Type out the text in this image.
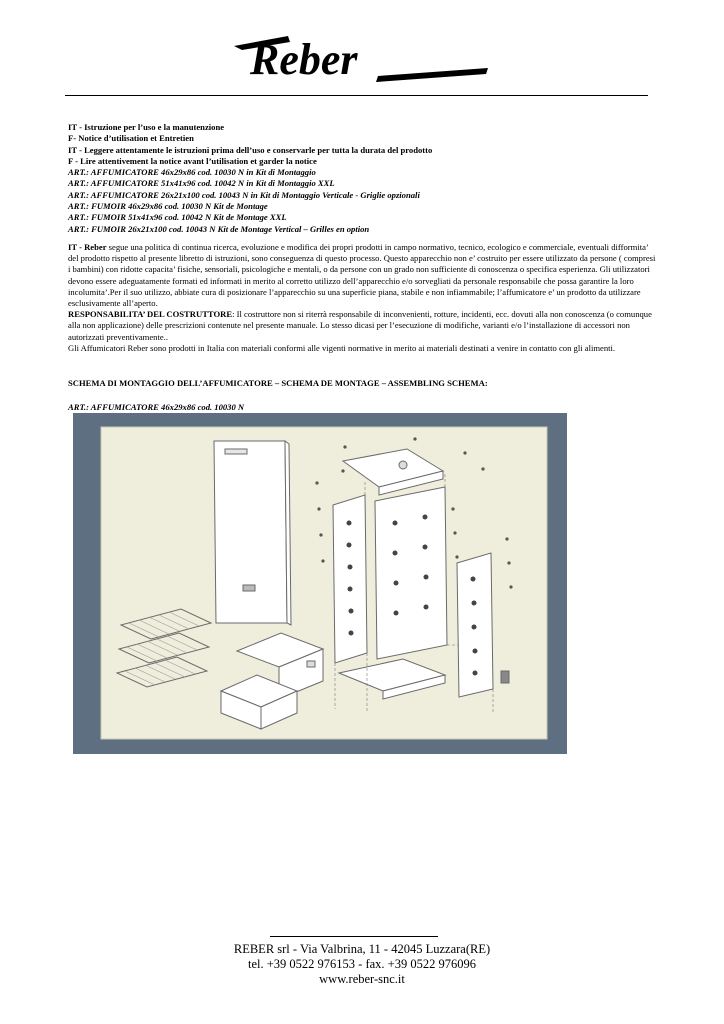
Reber
IT - Istruzione per l’uso e la manutenzione
F- Notice d’utilisation et Entretien
IT - Leggere attentamente le istruzioni prima dell’uso e conservarle per tutta la durata del prodotto
F - Lire attentivement la notice avant l’utilisation et garder la notice
ART.: AFFUMICATORE 46x29x86 cod. 10030 N in Kit di Montaggio
ART.: AFFUMICATORE 51x41x96 cod. 10042 N in Kit di Montaggio XXL
ART.: AFFUMICATORE 26x21x100 cod. 10043 N in Kit di Montaggio Verticale - Griglie opzionali
ART.: FUMOIR 46x29x86 cod. 10030 N Kit de Montage
ART.: FUMOIR 51x41x96 cod. 10042 N Kit de Montage XXL
ART.: FUMOIR 26x21x100 cod. 10043 N Kit de Montage Vertical – Grilles en option

IT - Reber segue una politica di continua ricerca, evoluzione e modifica dei propri prodotti in campo normativo, tecnico, ecologico e commerciale, eventuali difformita’ del prodotto rispetto al presente libretto di istruzioni, sono conseguenza di questo processo. Questo apparecchio non e’ costruito per essere utilizzato da persone ( compresi i bambini) con ridotte capacita’ fisiche, sensoriali, psicologiche e mentali, o da persone con un grado non sufficiente di conoscenza o specifica esperienza. Gli utilizzatori devono essere adeguatamente formati ed informati in merito al corretto utilizzo dell’apparecchio e/o sorvegliati da personale responsabile che possa garantire la loro incolumita’.Per il suo utilizzo, abbiate cura di posizionare l’apparecchio su una superficie piana, stabile e non infiammabile; l’affumicatore e’ un prodotto da utilizzare esclusivamente all’aperto.

RESPONSABILITA’ DEL COSTRUTTORE: Il costruttore non si riterrà responsabile di inconvenienti, rotture, incidenti, ecc. dovuti alla non conoscenza (o comunque alla non applicazione) delle prescrizioni contenute nel presente manuale. Lo stesso dicasi per l’esecuzione di modifiche, varianti e/o l’installazione di accessori non autorizzati preventivamente..

Gli Affumicatori Reber sono prodotti in Italia con materiali conformi alle vigenti normative in merito ai materiali destinati a venire in contatto con gli alimenti.

SCHEMA DI MONTAGGIO DELL’AFFUMICATORE – SCHEMA DE MONTAGE – ASSEMBLING SCHEMA:
ART.: AFFUMICATORE 46x29x86 cod. 10030 N
REBER srl - Via Valbrina, 11 - 42045 Luzzara(RE)
tel. +39 0522 976153 - fax. +39 0522 976096
www.reber-snc.it
